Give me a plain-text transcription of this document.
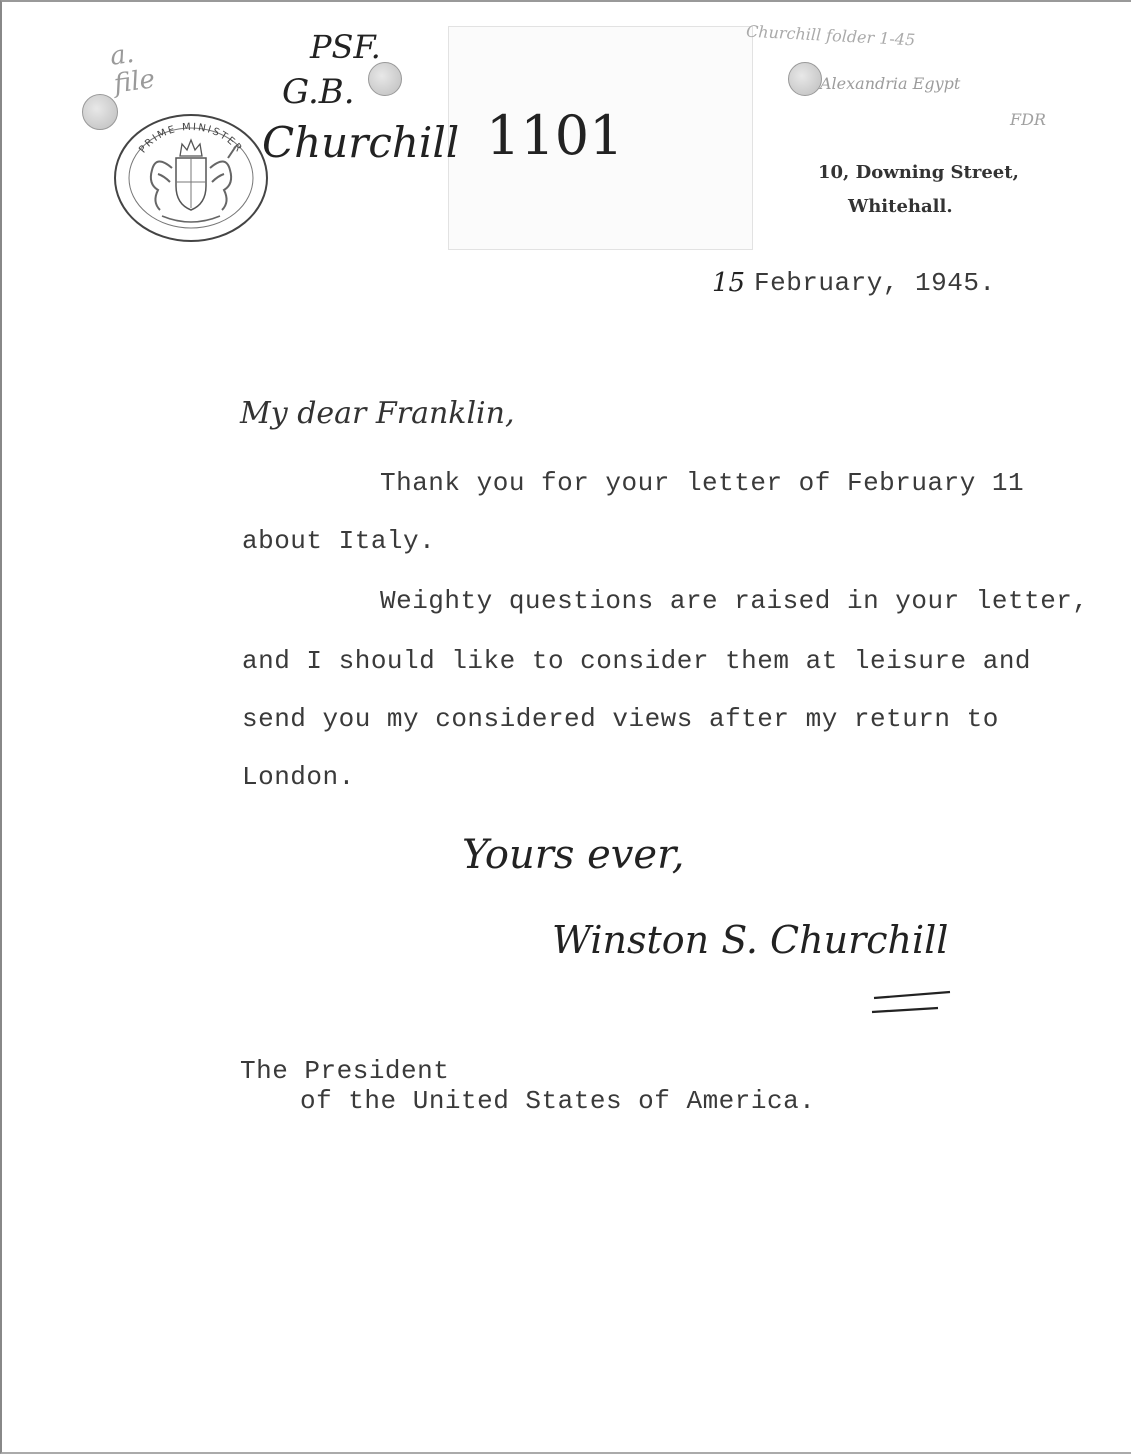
a.
file
PSF.
G.B.
Churchill 1101
Churchill folder 1-45
Alexandria Egypt
FDR
PRIME MINISTER
10, Downing Street,
Whitehall.
15 February, 1945.
My dear Franklin,
Thank you for your letter of February 11
about Italy.
Weighty questions are raised in your letter,
and I should like to consider them at leisure and
send you my considered views after my return to
London.
Yours ever,
Winston S. Churchill
The President
of the United States of America.
